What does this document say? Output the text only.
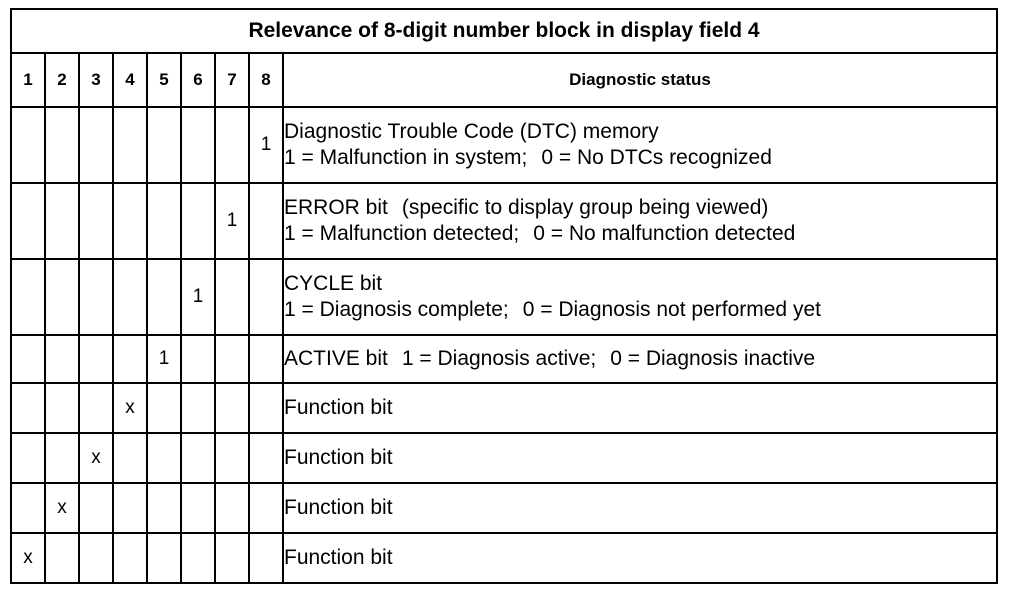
Relevance of 8-digit number block in display field 4								
1	2	3	4	5	6	7	8	Diagnostic status
							1	Diagnostic Trouble Code (DTC) memory
1 = Malfunction in system; 0 = No DTCs recognized

						1		ERROR bit (specific to display group being viewed)
1 = Malfunction detected; 0 = No malfunction detected

					1			CYCLE bit
1 = Diagnosis complete; 0 = Diagnosis not performed yet

				1				ACTIVE bit 1 = Diagnosis active; 0 = Diagnosis inactive
			x					Function bit
		x						Function bit
	x							Function bit
x								Function bit
